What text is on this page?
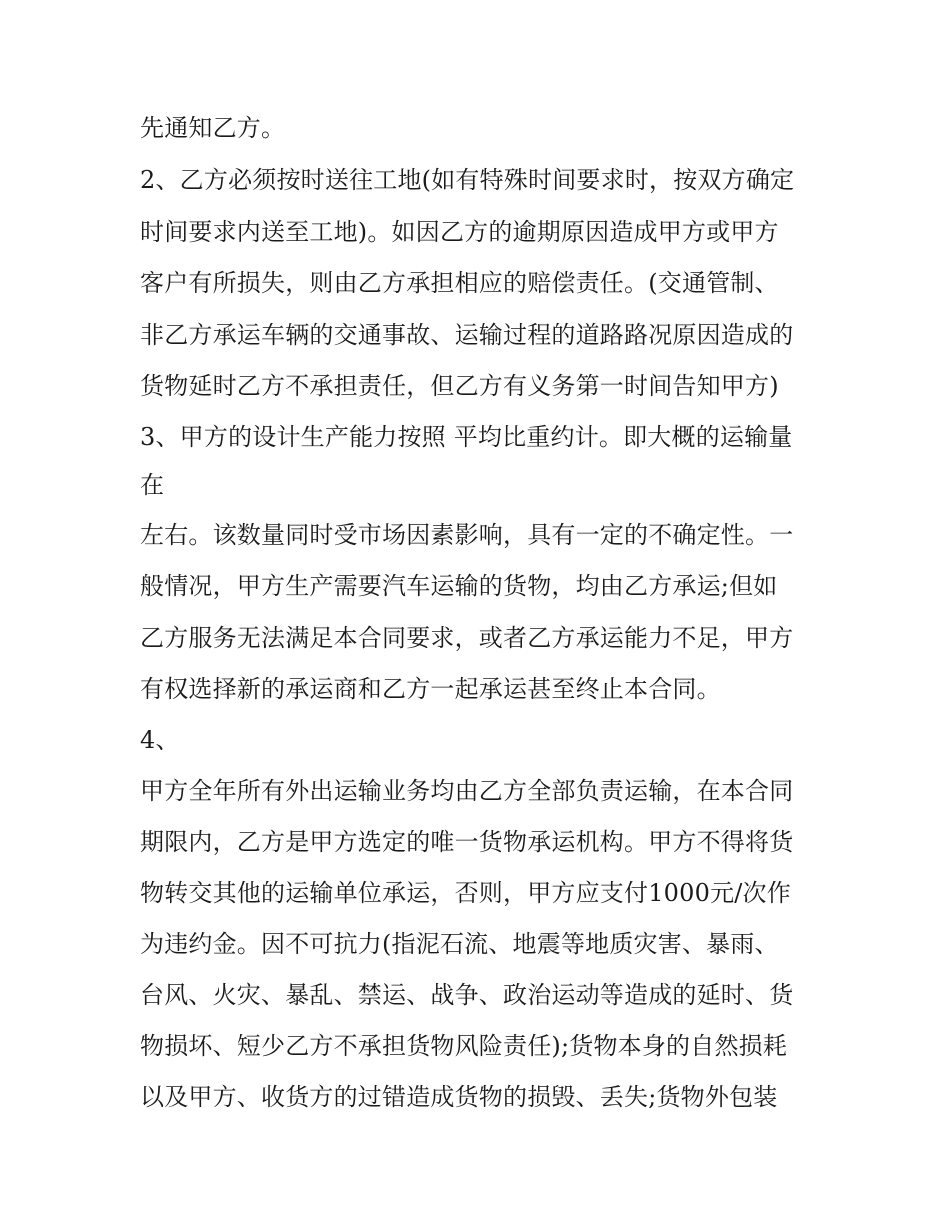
先通知乙方。
2、乙方必须按时送往工地(如有特殊时间要求时，按双方确定
时间要求内送至工地)。如因乙方的逾期原因造成甲方或甲方
客户有所损失，则由乙方承担相应的赔偿责任。(交通管制、
非乙方承运车辆的交通事故、运输过程的道路路况原因造成的
货物延时乙方不承担责任，但乙方有义务第一时间告知甲方)
3、甲方的设计生产能力按照 平均比重约计。即大概的运输量
在
左右。该数量同时受市场因素影响，具有一定的不确定性。一
般情况，甲方生产需要汽车运输的货物，均由乙方承运;但如
乙方服务无法满足本合同要求，或者乙方承运能力不足，甲方
有权选择新的承运商和乙方一起承运甚至终止本合同。
4、
甲方全年所有外出运输业务均由乙方全部负责运输，在本合同
期限内，乙方是甲方选定的唯一货物承运机构。甲方不得将货
物转交其他的运输单位承运，否则，甲方应支付1000元/次作
为违约金。因不可抗力(指泥石流、地震等地质灾害、暴雨、
台风、火灾、暴乱、禁运、战争、政治运动等造成的延时、货
物损坏、短少乙方不承担货物风险责任);货物本身的自然损耗
以及甲方、收货方的过错造成货物的损毁、丢失;货物外包装
